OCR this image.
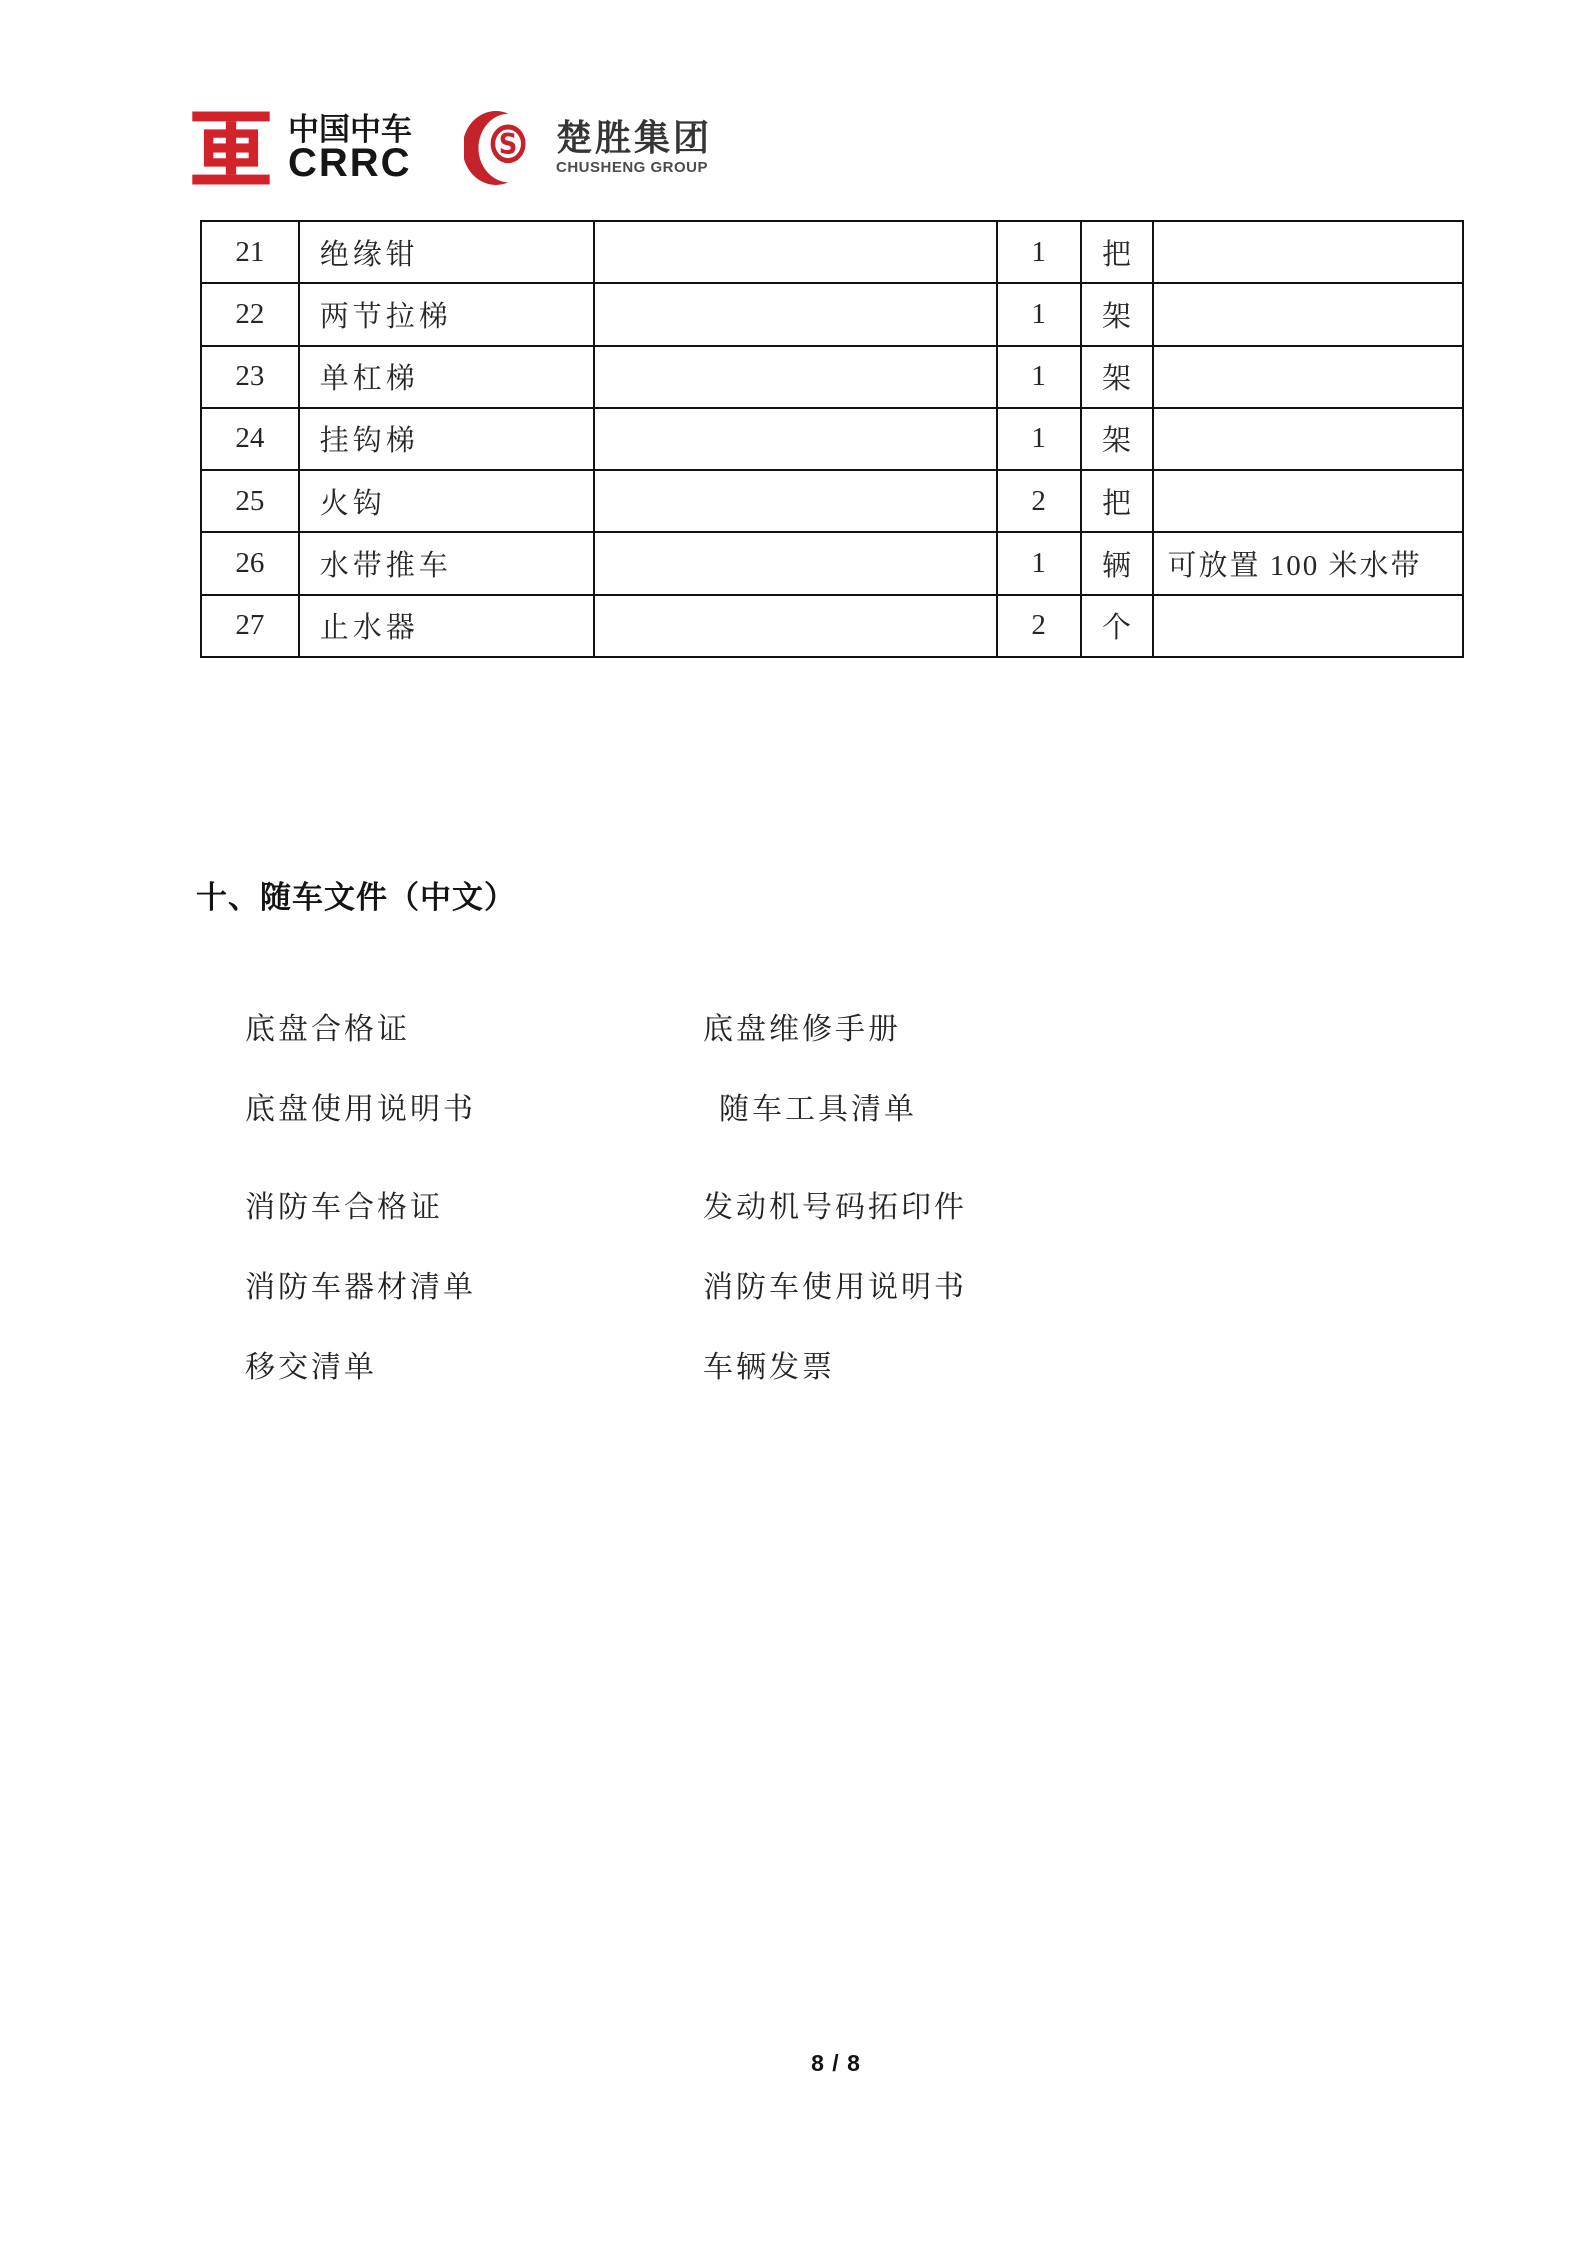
中国中车
CRRC	S 楚胜集团
CHUSHENG GROUP
21	绝缘钳		1	把	
22	两节拉梯		1	架	
23	单杠梯		1	架	
24	挂钩梯		1	架	
25	火钩		2	把	
26	水带推车		1	辆	可放置 100 米水带
27	止水器		2	个	
十、随车文件（中文）
底盘合格证	底盘维修手册
底盘使用说明书	随车工具清单
消防车合格证	发动机号码拓印件
消防车器材清单	消防车使用说明书
移交清单	车辆发票
8 / 8
